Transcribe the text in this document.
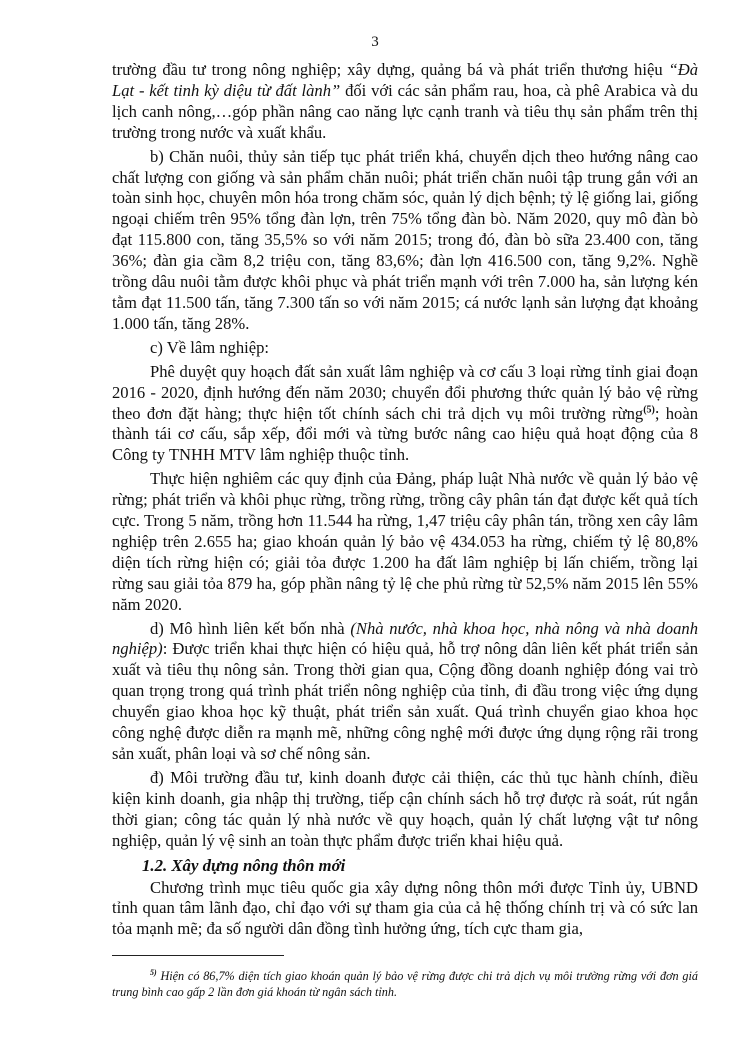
3

trường đầu tư trong nông nghiệp; xây dựng, quảng bá và phát triển thương hiệu “Đà Lạt - kết tinh kỳ diệu từ đất lành” đối với các sản phẩm rau, hoa, cà phê Arabica và du lịch canh nông,…góp phần nâng cao năng lực cạnh tranh và tiêu thụ sản phẩm trên thị trường trong nước và xuất khẩu.

b) Chăn nuôi, thủy sản tiếp tục phát triển khá, chuyển dịch theo hướng nâng cao chất lượng con giống và sản phẩm chăn nuôi; phát triển chăn nuôi tập trung gắn với an toàn sinh học, chuyên môn hóa trong chăm sóc, quản lý dịch bệnh; tỷ lệ giống lai, giống ngoại chiếm trên 95% tổng đàn lợn, trên 75% tổng đàn bò. Năm 2020, quy mô đàn bò đạt 115.800 con, tăng 35,5% so với năm 2015; trong đó, đàn bò sữa 23.400 con, tăng 36%; đàn gia cầm 8,2 triệu con, tăng 83,6%; đàn lợn 416.500 con, tăng 9,2%. Nghề trồng dâu nuôi tằm được khôi phục và phát triển mạnh với trên 7.000 ha, sản lượng kén tằm đạt 11.500 tấn, tăng 7.300 tấn so với năm 2015; cá nước lạnh sản lượng đạt khoảng 1.000 tấn, tăng 28%.

c) Về lâm nghiệp:

Phê duyệt quy hoạch đất sản xuất lâm nghiệp và cơ cấu 3 loại rừng tỉnh giai đoạn 2016 - 2020, định hướng đến năm 2030; chuyển đổi phương thức quản lý bảo vệ rừng theo đơn đặt hàng; thực hiện tốt chính sách chi trả dịch vụ môi trường rừng$^{(5)}$; hoàn thành tái cơ cấu, sắp xếp, đổi mới và từng bước nâng cao hiệu quả hoạt động của 8 Công ty TNHH MTV lâm nghiệp thuộc tỉnh.

Thực hiện nghiêm các quy định của Đảng, pháp luật Nhà nước về quản lý bảo vệ rừng; phát triển và khôi phục rừng, trồng rừng, trồng cây phân tán đạt được kết quả tích cực. Trong 5 năm, trồng hơn 11.544 ha rừng, 1,47 triệu cây phân tán, trồng xen cây lâm nghiệp trên 2.655 ha; giao khoán quản lý bảo vệ 434.053 ha rừng, chiếm tỷ lệ 80,8% diện tích rừng hiện có; giải tỏa được 1.200 ha đất lâm nghiệp bị lấn chiếm, trồng lại rừng sau giải tỏa 879 ha, góp phần nâng tỷ lệ che phủ rừng từ 52,5% năm 2015 lên 55% năm 2020.

d) Mô hình liên kết bốn nhà (Nhà nước, nhà khoa học, nhà nông và nhà doanh nghiệp): Được triển khai thực hiện có hiệu quả, hỗ trợ nông dân liên kết phát triển sản xuất và tiêu thụ nông sản. Trong thời gian qua, Cộng đồng doanh nghiệp đóng vai trò quan trọng trong quá trình phát triển nông nghiệp của tỉnh, đi đầu trong việc ứng dụng chuyển giao khoa học kỹ thuật, phát triển sản xuất. Quá trình chuyển giao khoa học công nghệ được diễn ra mạnh mẽ, những công nghệ mới được ứng dụng rộng rãi trong sản xuất, phân loại và sơ chế nông sản.

đ) Môi trường đầu tư, kinh doanh được cải thiện, các thủ tục hành chính, điều kiện kinh doanh, gia nhập thị trường, tiếp cận chính sách hỗ trợ được rà soát, rút ngắn thời gian; công tác quản lý nhà nước về quy hoạch, quản lý chất lượng vật tư nông nghiệp, quản lý vệ sinh an toàn thực phẩm được triển khai hiệu quả.

1.2. Xây dựng nông thôn mới

Chương trình mục tiêu quốc gia xây dựng nông thôn mới được Tỉnh ủy, UBND tỉnh quan tâm lãnh đạo, chỉ đạo với sự tham gia của cả hệ thống chính trị và có sức lan tỏa mạnh mẽ; đa số người dân đồng tình hưởng ứng, tích cực tham gia,

$^{5)}$ Hiện có 86,7% diện tích giao khoán quản lý bảo vệ rừng được chi trả dịch vụ môi trường rừng với đơn giá trung bình cao gấp 2 lần đơn giá khoán từ ngân sách tỉnh.
